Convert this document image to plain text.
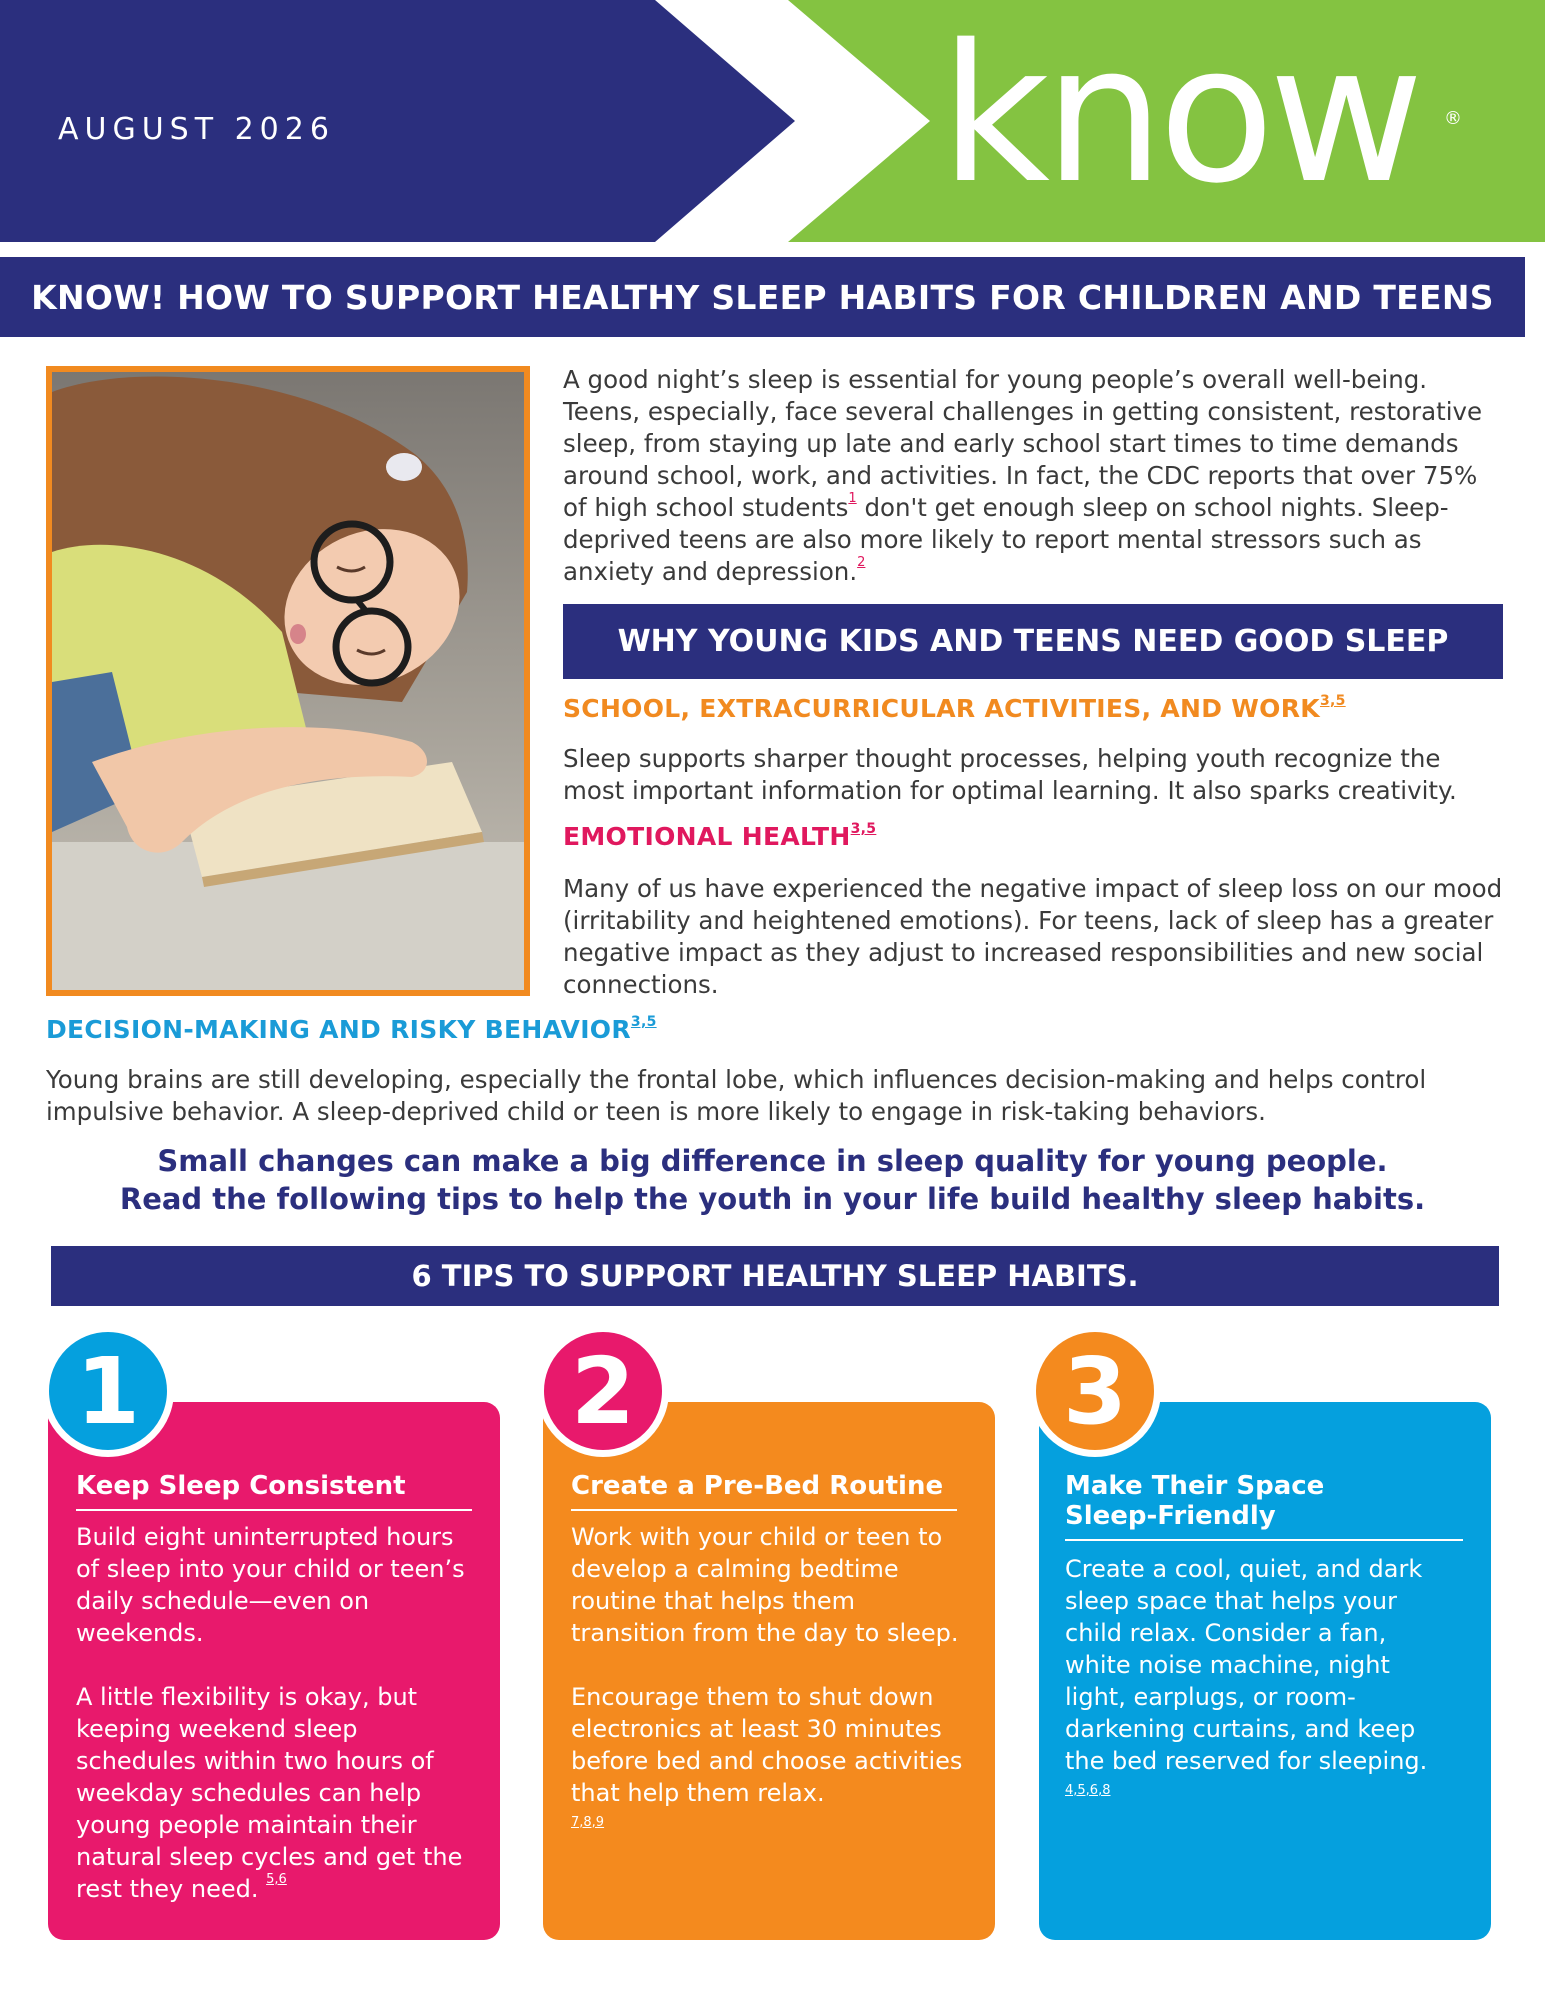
AUGUST 2026	know ®
KNOW! HOW TO SUPPORT HEALTHY SLEEP HABITS FOR CHILDREN AND TEENS
A good night’s sleep is essential for young people’s overall well-being. Teens, especially, face several challenges in getting consistent, restorative sleep, from staying up late and early school start times to time demands around school, work, and activities. In fact, the CDC reports that over 75% of high school students$^1$ don't get enough sleep on school nights. Sleep-deprived teens are also more likely to report mental stressors such as anxiety and depression.$^2$
WHY YOUNG KIDS AND TEENS NEED GOOD SLEEP
SCHOOL, EXTRACURRICULAR ACTIVITIES, AND WORK$^{3,5}$
Sleep supports sharper thought processes, helping youth recognize the most important information for optimal learning. It also sparks creativity.
EMOTIONAL HEALTH$^{3,5}$
Many of us have experienced the negative impact of sleep loss on our mood (irritability and heightened emotions). For teens, lack of sleep has a greater negative impact as they adjust to increased responsibilities and new social connections.
DECISION-MAKING AND RISKY BEHAVIOR$^{3,5}$
Young brains are still developing, especially the frontal lobe, which influences decision-making and helps control impulsive behavior. A sleep-deprived child or teen is more likely to engage in risk-taking behaviors.
Small changes can make a big difference in sleep quality for young people.
Read the following tips to help the youth in your life build healthy sleep habits.
6 TIPS TO SUPPORT HEALTHY SLEEP HABITS.
1	2	3
Keep Sleep Consistent
Build eight uninterrupted hours of sleep into your child or teen’s daily schedule—even on weekends.
A little flexibility is okay, but keeping weekend sleep schedules within two hours of weekday schedules can help young people maintain their natural sleep cycles and get the rest they need. $^{5,6}$
Create a Pre-Bed Routine
Work with your child or teen to develop a calming bedtime routine that helps them transition from the day to sleep.
Encourage them to shut down electronics at least 30 minutes before bed and choose activities that help them relax.
7,8,9
Make Their Space
Sleep-Friendly
Create a cool, quiet, and dark sleep space that helps your child relax. Consider a fan, white noise machine, night light, earplugs, or room-darkening curtains, and keep the bed reserved for sleeping.
4,5,6,8
